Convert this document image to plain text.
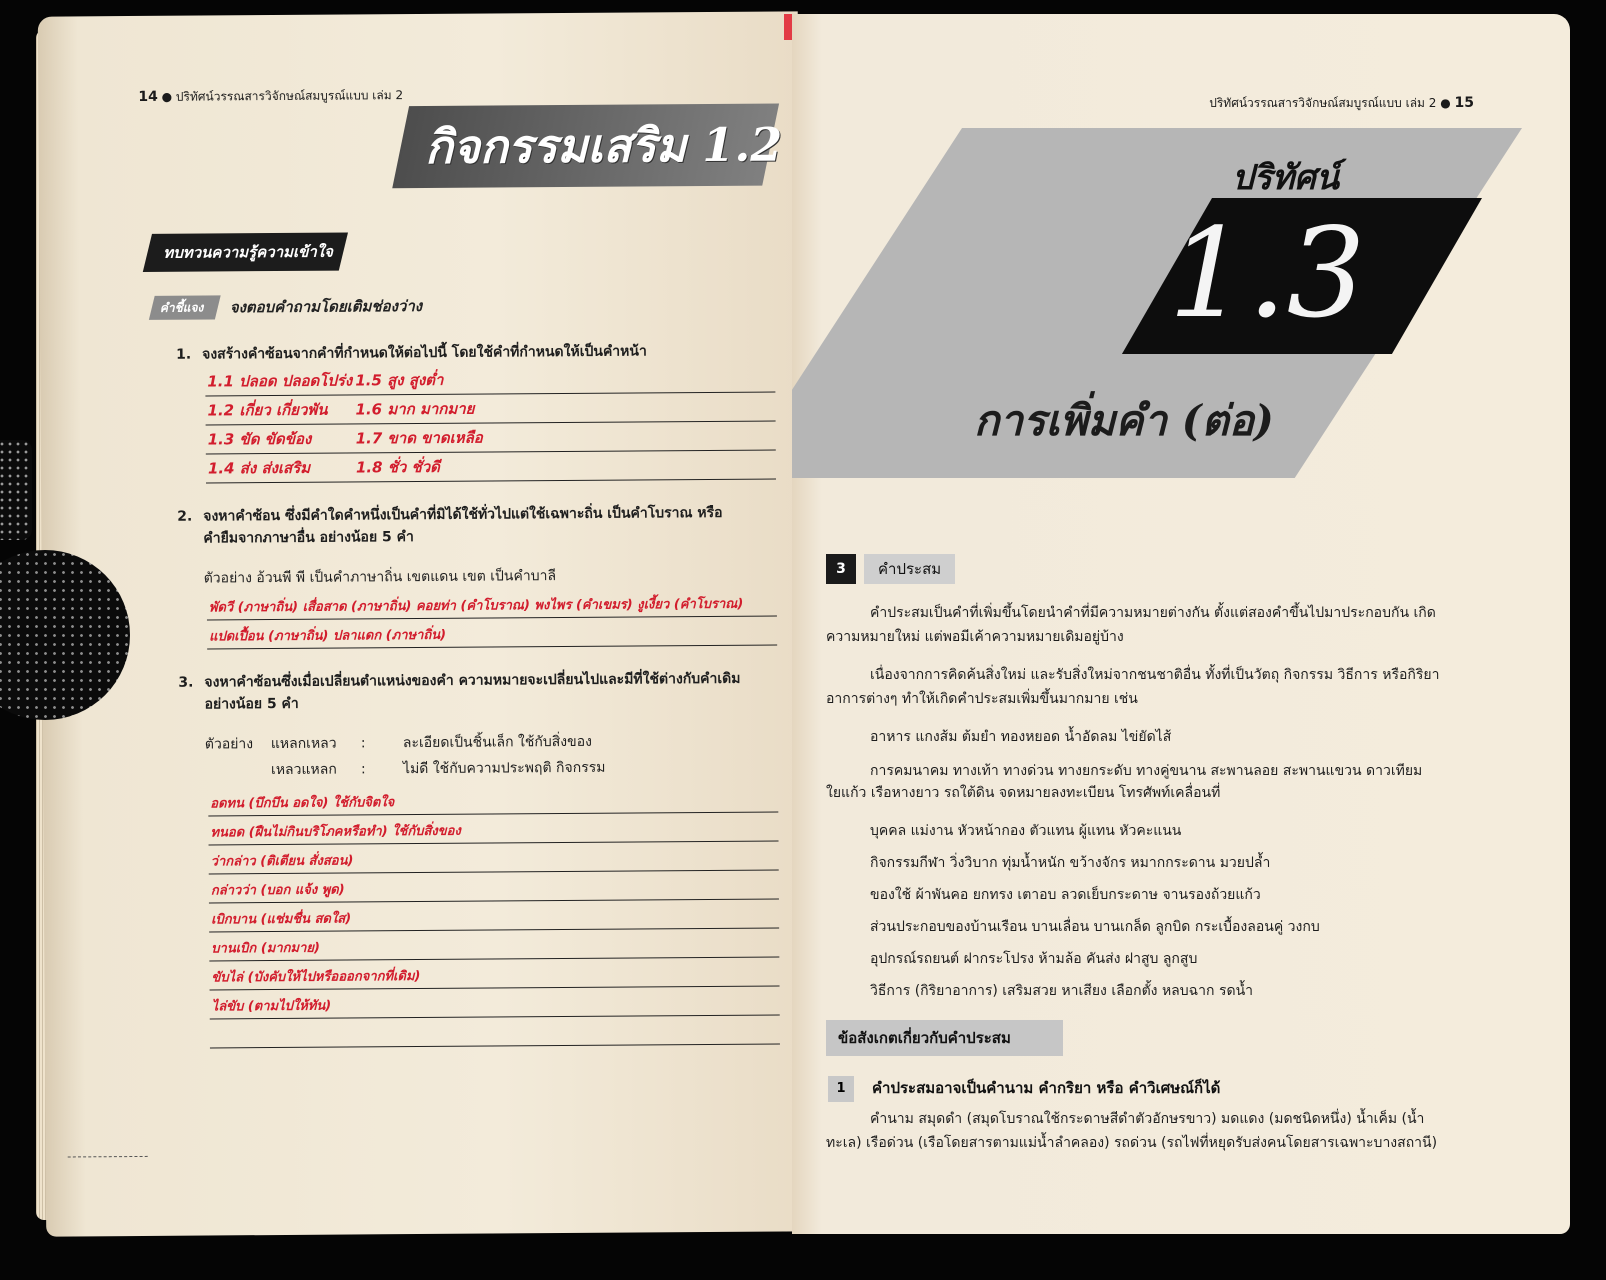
14 ● ปริทัศน์วรรณสารวิจักษณ์สมบูรณ์แบบ เล่ม 2
กิจกรรมเสริม 1.2
ทบทวนความรู้ความเข้าใจ
คำชี้แจง	จงตอบคำถามโดยเติมช่องว่าง
1. จงสร้างคำซ้อนจากคำที่กำหนดให้ต่อไปนี้ โดยใช้คำที่กำหนดให้เป็นคำหน้า
1.1 ปลอด ปลอดโปร่ง 1.5 สูง สูงต่ำ
1.2 เกี่ยว เกี่ยวพัน 1.6 มาก มากมาย
1.3 ขัด ขัดข้อง	1.7 ขาด ขาดเหลือ
1.4 ส่ง ส่งเสริม	1.8 ชั่ว ชั่วดี
2. จงหาคำซ้อน ซึ่งมีคำใดคำหนึ่งเป็นคำที่มิได้ใช้ทั่วไปแต่ใช้เฉพาะถิ่น เป็นคำโบราณ หรือ
คำยืมจากภาษาอื่น อย่างน้อย 5 คำ
ตัวอย่าง อ้วนพี พี เป็นคำภาษาถิ่น เขตแดน เขต เป็นคำบาลี
พัดวี (ภาษาถิ่น) เสื่อสาด (ภาษาถิ่น) คอยท่า (คำโบราณ) พงไพร (คำเขมร) งูเงี้ยว (คำโบราณ)
แปดเปื้อน (ภาษาถิ่น) ปลาแดก (ภาษาถิ่น)
3. จงหาคำซ้อนซึ่งเมื่อเปลี่ยนตำแหน่งของคำ ความหมายจะเปลี่ยนไปและมีที่ใช้ต่างกับคำเดิม
อย่างน้อย 5 คำ
ตัวอย่าง แหลกเหลว :	ละเอียดเป็นชิ้นเล็ก ใช้กับสิ่งของ
เหลวแหลก :	ไม่ดี ใช้กับความประพฤติ กิจกรรม
อดทน (บึกบึน อดใจ) ใช้กับจิตใจ
ทนอด (ฝืนไม่กินบริโภคหรือทำ) ใช้กับสิ่งของ
ว่ากล่าว (ติเตียน สั่งสอน)
กล่าวว่า (บอก แจ้ง พูด)
เบิกบาน (แช่มชื่น สดใส)
บานเบิก (มากมาย)
ขับไล่ (บังคับให้ไปหรือออกจากที่เดิม)
ไล่ขับ (ตามไปให้ทัน)
ปริทัศน์วรรณสารวิจักษณ์สมบูรณ์แบบ เล่ม 2 ● 15
ปริทัศน์
1.3
การเพิ่มคำ (ต่อ)
3	คำประสม
คำประสมเป็นคำที่เพิ่มขึ้นโดยนำคำที่มีความหมายต่างกัน ตั้งแต่สองคำขึ้นไปมาประกอบกัน เกิด
ความหมายใหม่ แต่พอมีเค้าความหมายเดิมอยู่บ้าง
เนื่องจากการคิดค้นสิ่งใหม่ และรับสิ่งใหม่จากชนชาติอื่น ทั้งที่เป็นวัตถุ กิจกรรม วิธีการ หรือกิริยา
อาการต่างๆ ทำให้เกิดคำประสมเพิ่มขึ้นมากมาย เช่น
อาหาร แกงส้ม ต้มยำ ทองหยอด น้ำอัดลม ไข่ยัดไส้
การคมนาคม ทางเท้า ทางด่วน ทางยกระดับ ทางคู่ขนาน สะพานลอย สะพานแขวน ดาวเทียม
ใยแก้ว เรือหางยาว รถใต้ดิน จดหมายลงทะเบียน โทรศัพท์เคลื่อนที่
บุคคล แม่งาน หัวหน้ากอง ตัวแทน ผู้แทน หัวคะแนน
กิจกรรมกีฬา วิ่งวิบาก ทุ่มน้ำหนัก ขว้างจักร หมากกระดาน มวยปล้ำ
ของใช้ ผ้าพันคอ ยกทรง เตาอบ ลวดเย็บกระดาษ จานรองถ้วยแก้ว
ส่วนประกอบของบ้านเรือน บานเลื่อน บานเกล็ด ลูกบิด กระเบื้องลอนคู่ วงกบ
อุปกรณ์รถยนต์ ฝากระโปรง ห้ามล้อ คันส่ง ฝาสูบ ลูกสูบ
วิธีการ (กิริยาอาการ) เสริมสวย หาเสียง เลือกตั้ง หลบฉาก รดน้ำ
ข้อสังเกตเกี่ยวกับคำประสม
1	คำประสมอาจเป็นคำนาม คำกริยา หรือ คำวิเศษณ์ก็ได้
คำนาม สมุดดำ (สมุดโบราณใช้กระดาษสีดำตัวอักษรขาว) มดแดง (มดชนิดหนึ่ง) น้ำเค็ม (น้ำ
ทะเล) เรือด่วน (เรือโดยสารตามแม่น้ำลำคลอง) รถด่วน (รถไฟที่หยุดรับส่งคนโดยสารเฉพาะบางสถานี)
